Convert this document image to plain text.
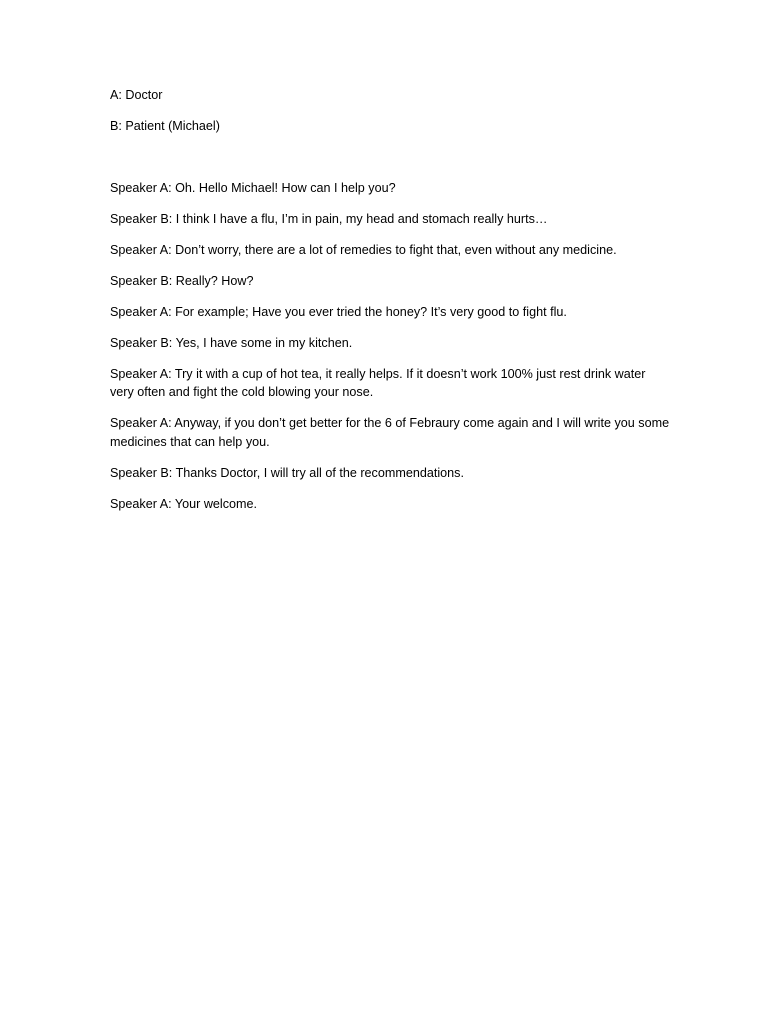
A: Doctor

B: Patient (Michael)

Speaker A: Oh. Hello Michael! How can I help you?

Speaker B: I think I have a flu, I’m in pain, my head and stomach really hurts…

Speaker A: Don’t worry, there are a lot of remedies to fight that, even without any medicine.

Speaker B: Really? How?

Speaker A: For example; Have you ever tried the honey? It’s very good to fight flu.

Speaker B: Yes, I have some in my kitchen.

Speaker A: Try it with a cup of hot tea, it really helps. If it doesn’t work 100% just rest drink water very often and fight the cold blowing your nose.

Speaker A: Anyway, if you don’t get better for the 6 of Febraury come again and I will write you some medicines that can help you.

Speaker B: Thanks Doctor, I will try all of the recommendations.

Speaker A: Your welcome.
